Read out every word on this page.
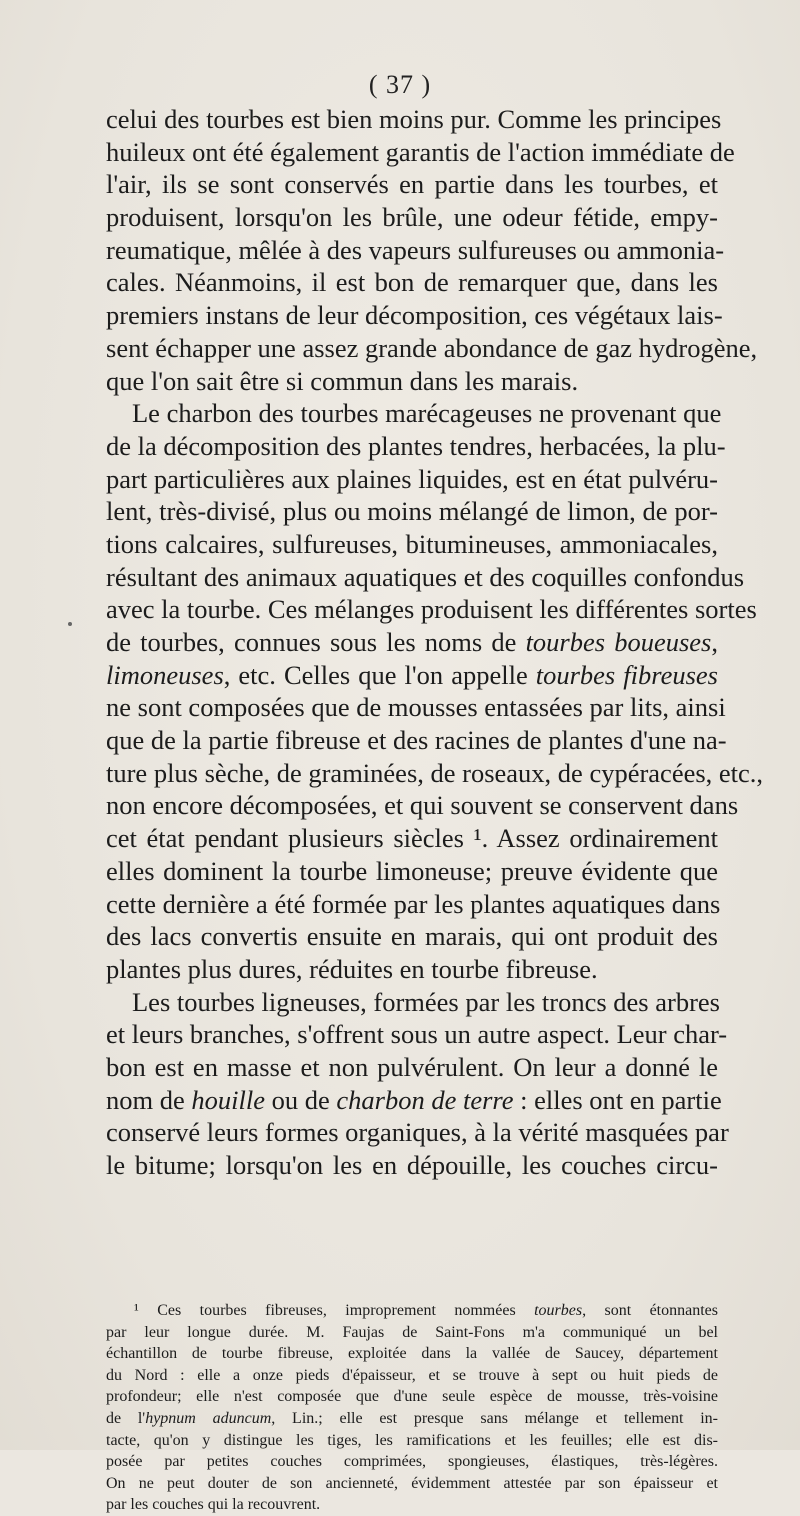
( 37 )
celui des tourbes est bien moins pur. Comme les principes
huileux ont été également garantis de l'action immédiate de
l'air, ils se sont conservés en partie dans les tourbes, et
produisent, lorsqu'on les brûle, une odeur fétide, empy-
reumatique, mêlée à des vapeurs sulfureuses ou ammonia-
cales. Néanmoins, il est bon de remarquer que, dans les
premiers instans de leur décomposition, ces végétaux lais-
sent échapper une assez grande abondance de gaz hydrogène,
que l'on sait être si commun dans les marais.
Le charbon des tourbes marécageuses ne provenant que
de la décomposition des plantes tendres, herbacées, la plu-
part particulières aux plaines liquides, est en état pulvéru-
lent, très-divisé, plus ou moins mélangé de limon, de por-
tions calcaires, sulfureuses, bitumineuses, ammoniacales,
résultant des animaux aquatiques et des coquilles confondus
avec la tourbe. Ces mélanges produisent les différentes sortes
de tourbes, connues sous les noms de tourbes boueuses,
limoneuses, etc. Celles que l'on appelle tourbes fibreuses
ne sont composées que de mousses entassées par lits, ainsi
que de la partie fibreuse et des racines de plantes d'une na-
ture plus sèche, de graminées, de roseaux, de cypéracées, etc.,
non encore décomposées, et qui souvent se conservent dans
cet état pendant plusieurs siècles ¹. Assez ordinairement
elles dominent la tourbe limoneuse; preuve évidente que
cette dernière a été formée par les plantes aquatiques dans
des lacs convertis ensuite en marais, qui ont produit des
plantes plus dures, réduites en tourbe fibreuse.
Les tourbes ligneuses, formées par les troncs des arbres
et leurs branches, s'offrent sous un autre aspect. Leur char-
bon est en masse et non pulvérulent. On leur a donné le
nom de houille ou de charbon de terre : elles ont en partie
conservé leurs formes organiques, à la vérité masquées par
le bitume; lorsqu'on les en dépouille, les couches circu-
¹ Ces tourbes fibreuses, improprement nommées tourbes, sont étonnantes
par leur longue durée. M. Faujas de Saint-Fons m'a communiqué un bel
échantillon de tourbe fibreuse, exploitée dans la vallée de Saucey, département
du Nord : elle a onze pieds d'épaisseur, et se trouve à sept ou huit pieds de
profondeur; elle n'est composée que d'une seule espèce de mousse, très-voisine
de l'hypnum aduncum, Lin.; elle est presque sans mélange et tellement in-
tacte, qu'on y distingue les tiges, les ramifications et les feuilles; elle est dis-
posée par petites couches comprimées, spongieuses, élastiques, très-légères.
On ne peut douter de son ancienneté, évidemment attestée par son épaisseur et
par les couches qui la recouvrent.
